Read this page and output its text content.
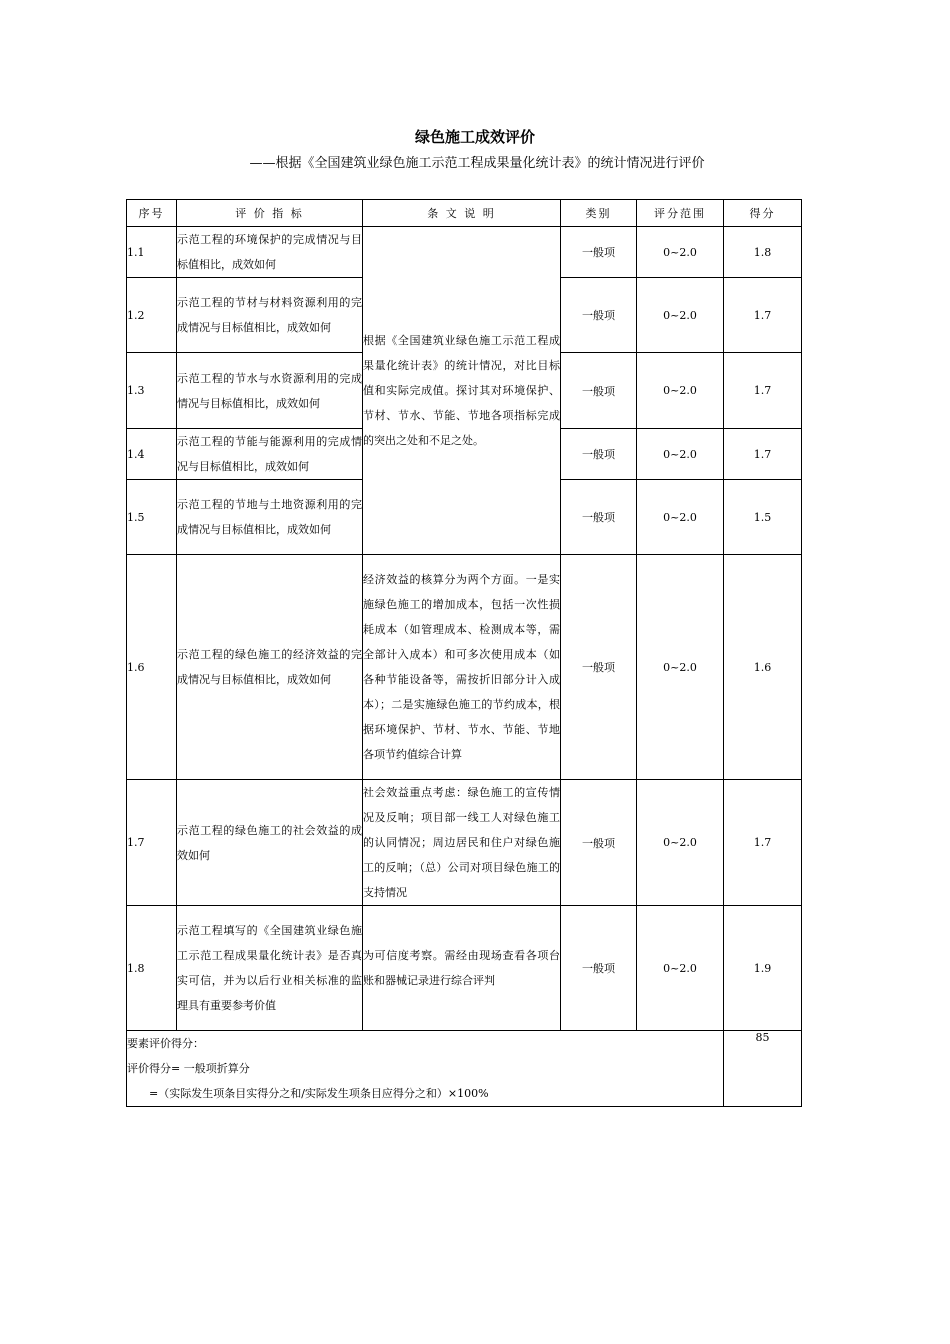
绿色施工成效评价
——根据《全国建筑业绿色施工示范工程成果量化统计表》的统计情况进行评价
序号	评 价 指 标	条 文 说 明	类别	评分范围	得分
1.1	示范工程的环境保护的完成情况与目标值相比，成效如何	根据《全国建筑业绿色施工示范工程成果量化统计表》的统计情况，对比目标值和实际完成值。探讨其对环境保护、节材、节水、节能、节地各项指标完成的突出之处和不足之处。	一般项	0~2.0	1.8
1.2	示范工程的节材与材料资源利用的完成情况与目标值相比，成效如何		一般项	0~2.0	1.7
1.3	示范工程的节水与水资源利用的完成情况与目标值相比，成效如何		一般项	0~2.0	1.7
1.4	示范工程的节能与能源利用的完成情况与目标值相比，成效如何		一般项	0~2.0	1.7
1.5	示范工程的节地与土地资源利用的完成情况与目标值相比，成效如何		一般项	0~2.0	1.5
1.6	示范工程的绿色施工的经济效益的完成情况与目标值相比，成效如何	经济效益的核算分为两个方面。一是实施绿色施工的增加成本，包括一次性损耗成本（如管理成本、检测成本等，需全部计入成本）和可多次使用成本（如各种节能设备等，需按折旧部分计入成本）；二是实施绿色施工的节约成本，根据环境保护、节材、节水、节能、节地各项节约值综合计算	一般项	0~2.0	1.6
1.7	示范工程的绿色施工的社会效益的成效如何	社会效益重点考虑：绿色施工的宣传情况及反响；项目部一线工人对绿色施工的认同情况；周边居民和住户对绿色施工的反响；（总）公司对项目绿色施工的支持情况	一般项	0~2.0	1.7
1.8	示范工程填写的《全国建筑业绿色施工示范工程成果量化统计表》是否真实可信，并为以后行业相关标准的监理具有重要参考价值	为可信度考察。需经由现场查看各项台账和器械记录进行综合评判	一般项	0~2.0	1.9

要素评价得分：
评价得分= 一般项折算分
=（实际发生项条目实得分之和/实际发生项条目应得分之和）×100%					85
